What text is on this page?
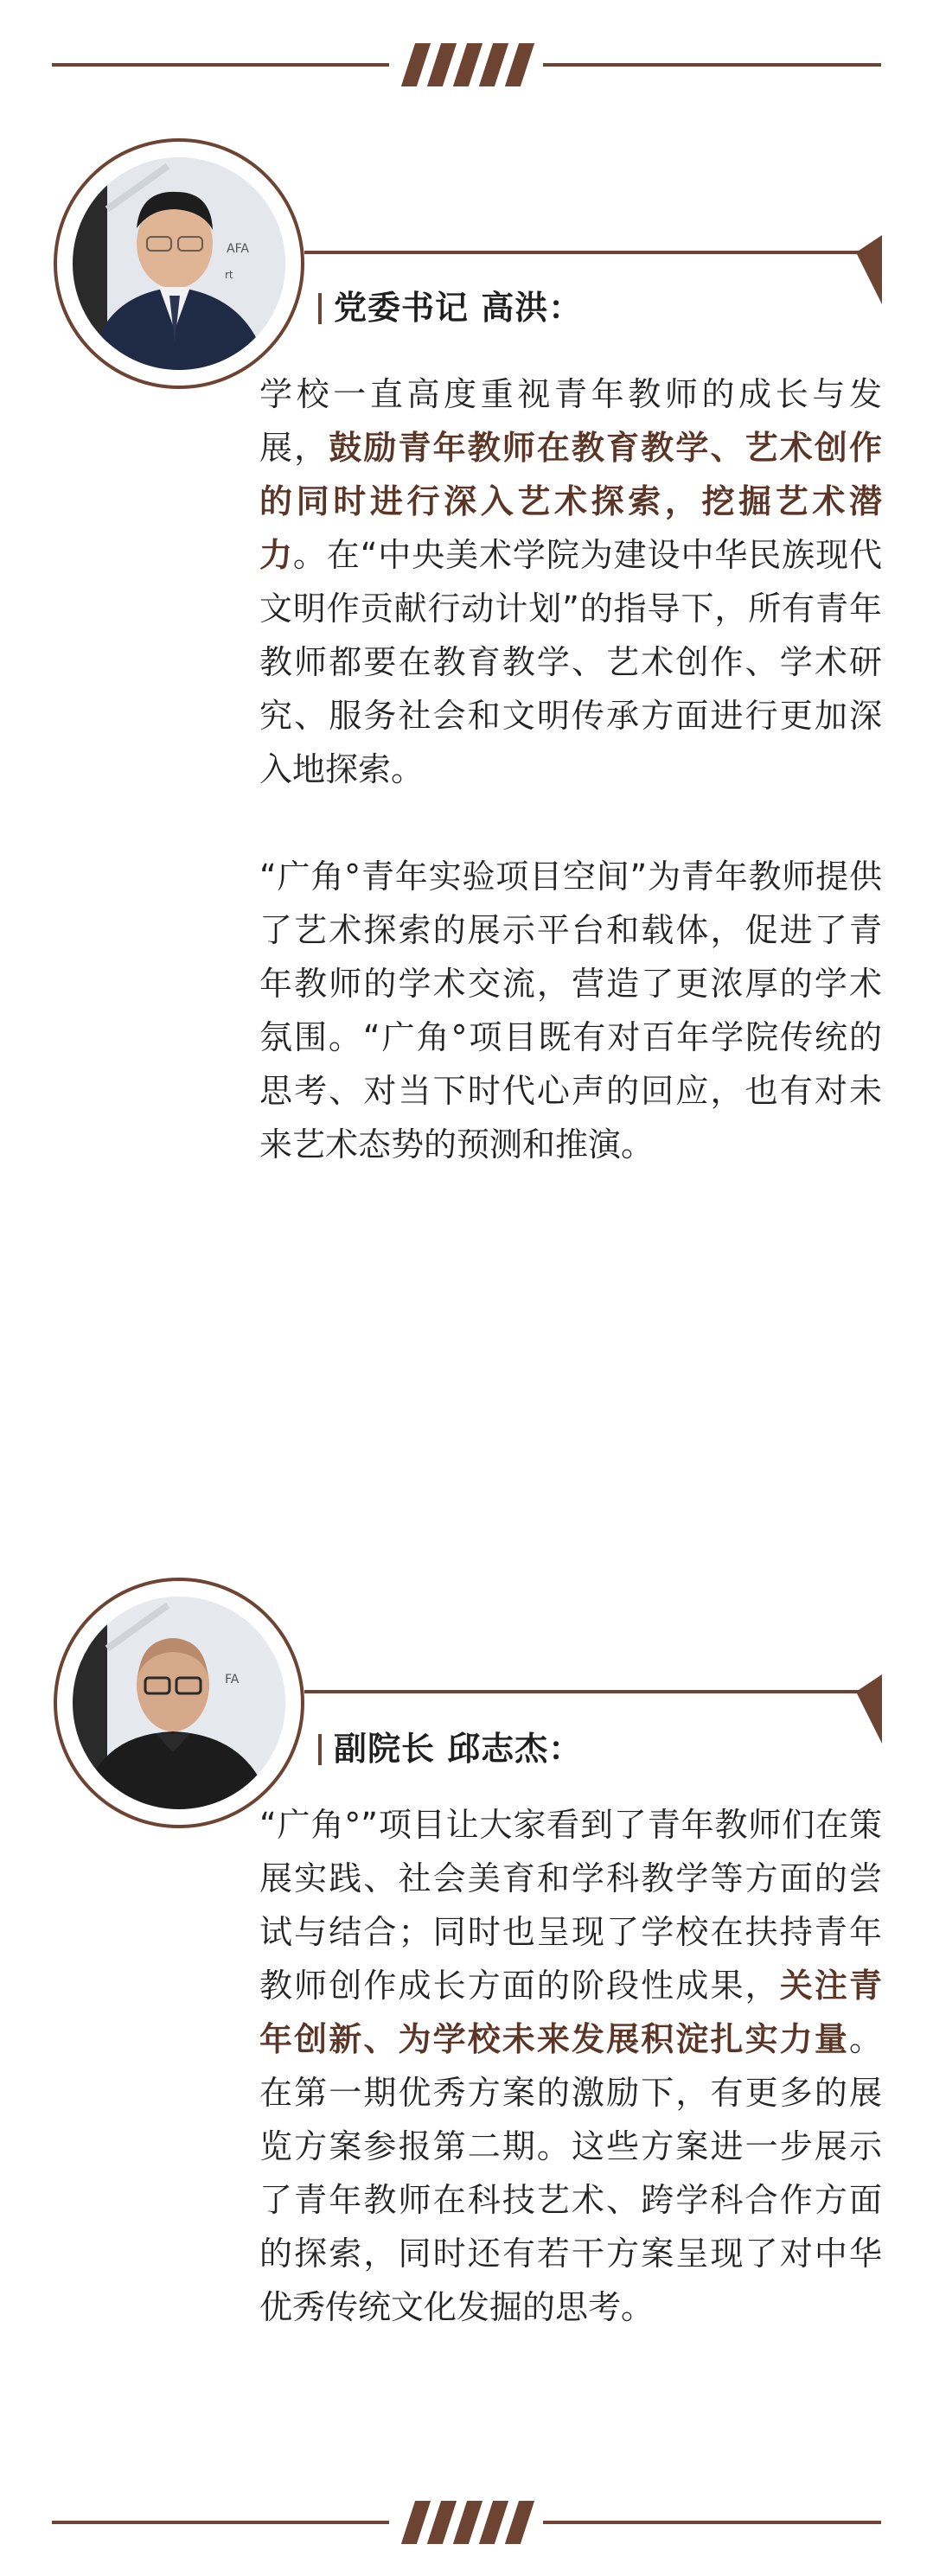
AFA
rt
党委书记 高洪：

学校一直高度重视青年教师的成长与发展，鼓励青年教师在教育教学、艺术创作的同时进行深入艺术探索，挖掘艺术潜力。在“中央美术学院为建设中华民族现代文明作贡献行动计划”的指导下，所有青年教师都要在教育教学、艺术创作、学术研究、服务社会和文明传承方面进行更加深入地探索。

“广角°青年实验项目空间”为青年教师提供了艺术探索的展示平台和载体，促进了青年教师的学术交流，营造了更浓厚的学术氛围。“广角°项目既有对百年学院传统的思考、对当下时代心声的回应，也有对未来艺术态势的预测和推演。

FA
副院长 邱志杰：

“广角°”项目让大家看到了青年教师们在策展实践、社会美育和学科教学等方面的尝试与结合；同时也呈现了学校在扶持青年教师创作成长方面的阶段性成果，关注青年创新、为学校未来发展积淀扎实力量。在第一期优秀方案的激励下，有更多的展览方案参报第二期。这些方案进一步展示了青年教师在科技艺术、跨学科合作方面的探索，同时还有若干方案呈现了对中华优秀传统文化发掘的思考。
